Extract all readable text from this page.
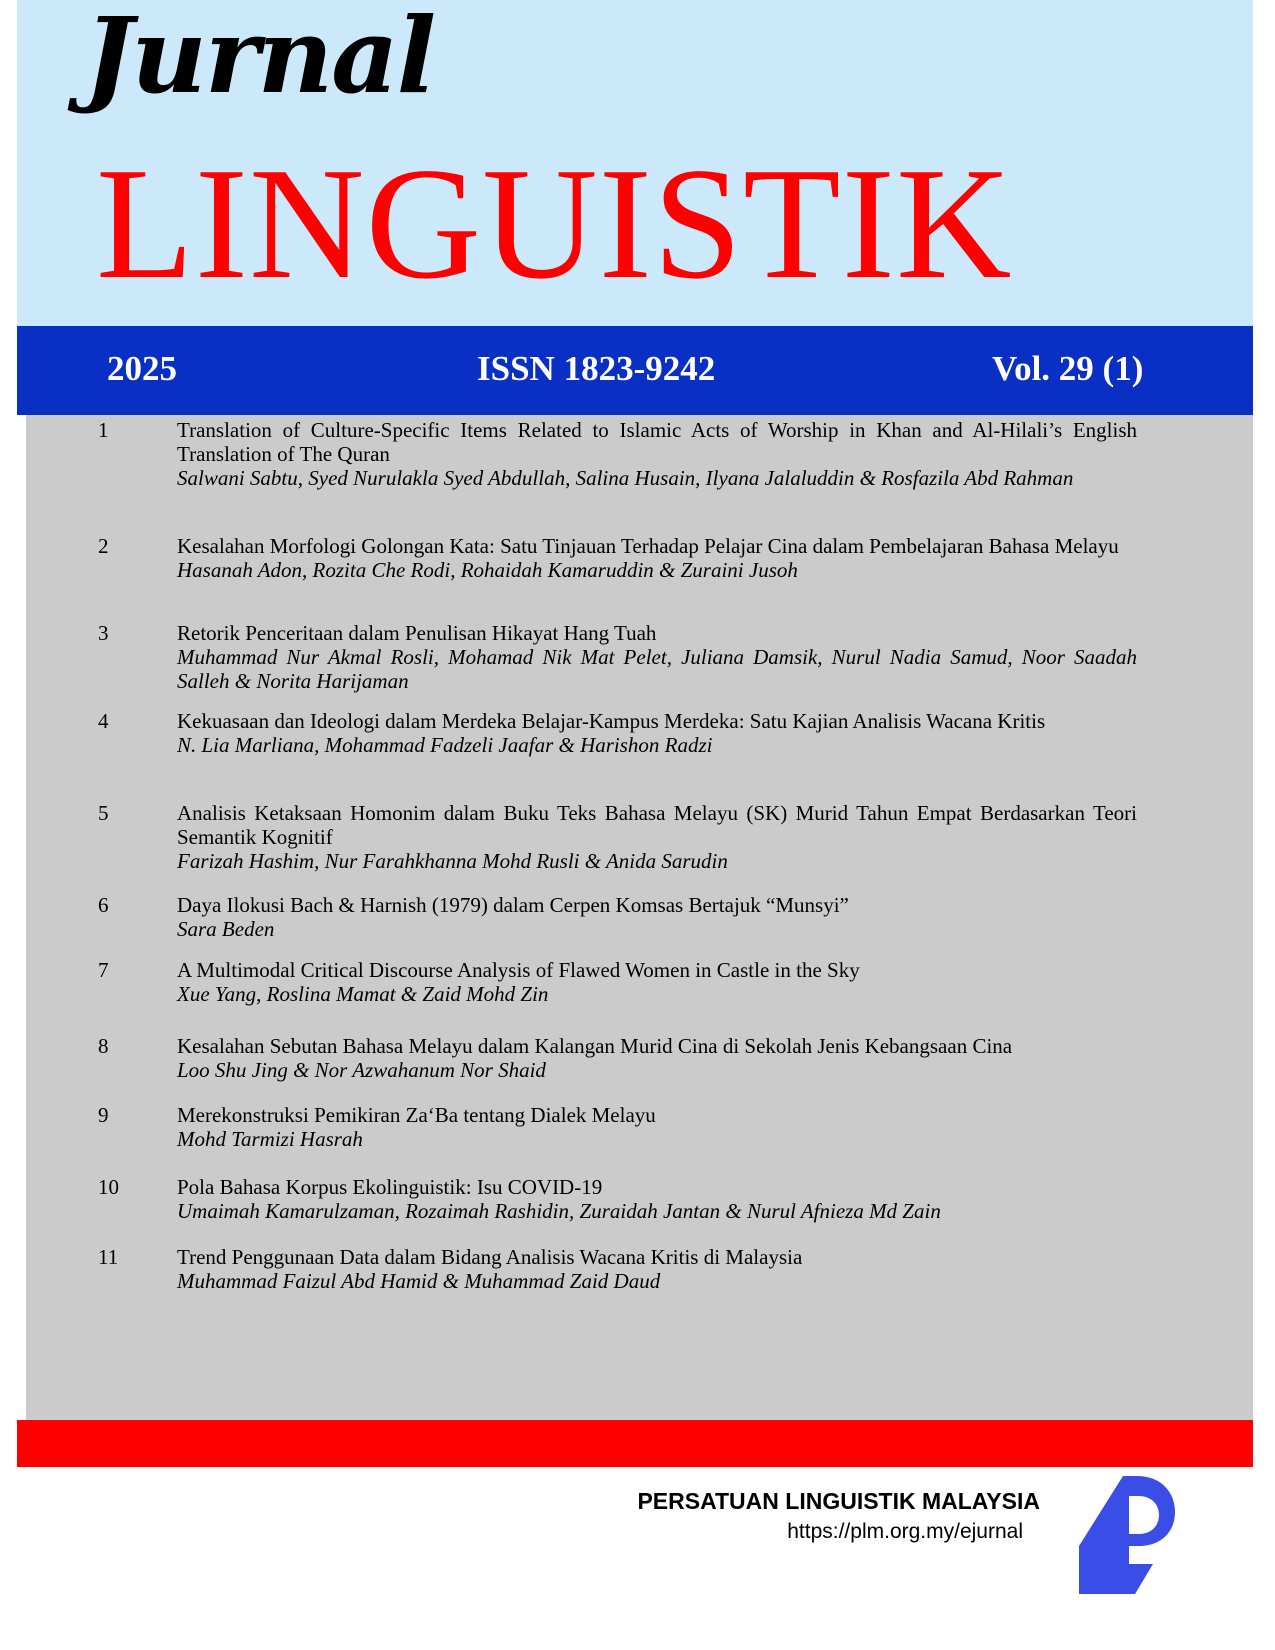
Jurnal
LINGUISTIK
2025	ISSN 1823-9242	Vol. 29 (1)
1	Translation of Culture-Specific Items Related to Islamic Acts of Worship in Khan and Al-Hilali’s English Translation of The Quran
Salwani Sabtu, Syed Nurulakla Syed Abdullah, Salina Husain, Ilyana Jalaluddin & Rosfazila Abd Rahman
2	Kesalahan Morfologi Golongan Kata: Satu Tinjauan Terhadap Pelajar Cina dalam Pembelajaran Bahasa Melayu
Hasanah Adon, Rozita Che Rodi, Rohaidah Kamaruddin & Zuraini Jusoh
3	Retorik Penceritaan dalam Penulisan Hikayat Hang Tuah
Muhammad Nur Akmal Rosli, Mohamad Nik Mat Pelet, Juliana Damsik, Nurul Nadia Samud, Noor Saadah Salleh & Norita Harijaman
4	Kekuasaan dan Ideologi dalam Merdeka Belajar-Kampus Merdeka: Satu Kajian Analisis Wacana Kritis
N. Lia Marliana, Mohammad Fadzeli Jaafar & Harishon Radzi
5	Analisis Ketaksaan Homonim dalam Buku Teks Bahasa Melayu (SK) Murid Tahun Empat Berdasarkan Teori Semantik Kognitif
Farizah Hashim, Nur Farahkhanna Mohd Rusli & Anida Sarudin
6	Daya Ilokusi Bach & Harnish (1979) dalam Cerpen Komsas Bertajuk “Munsyi”
Sara Beden
7	A Multimodal Critical Discourse Analysis of Flawed Women in Castle in the Sky
Xue Yang, Roslina Mamat & Zaid Mohd Zin
8	Kesalahan Sebutan Bahasa Melayu dalam Kalangan Murid Cina di Sekolah Jenis Kebangsaan Cina
Loo Shu Jing & Nor Azwahanum Nor Shaid
9	Merekonstruksi Pemikiran Za‘Ba tentang Dialek Melayu
Mohd Tarmizi Hasrah
10	Pola Bahasa Korpus Ekolinguistik: Isu COVID-19
Umaimah Kamarulzaman, Rozaimah Rashidin, Zuraidah Jantan & Nurul Afnieza Md Zain
11	Trend Penggunaan Data dalam Bidang Analisis Wacana Kritis di Malaysia
Muhammad Faizul Abd Hamid & Muhammad Zaid Daud
PERSATUAN LINGUISTIK MALAYSIA
https://plm.org.my/ejurnal
